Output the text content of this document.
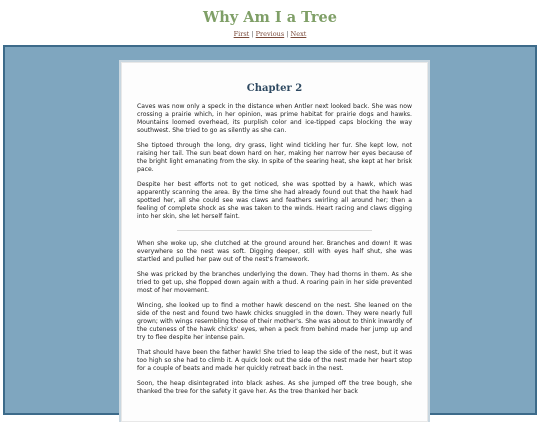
Why Am I a Tree
First | Previous | Next
Chapter 2

Caves was now only a speck in the distance when Antler next looked back. She was now crossing a prairie which, in her opinion, was prime habitat for prairie dogs and hawks. Mountains loomed overhead, its purplish color and ice-tipped caps blocking the way southwest. She tried to go as silently as she can.

She tiptoed through the long, dry grass, light wind tickling her fur. She kept low, not raising her tail. The sun beat down hard on her, making her narrow her eyes because of the bright light emanating from the sky. In spite of the searing heat, she kept at her brisk pace.

Despite her best efforts not to get noticed, she was spotted by a hawk, which was apparently scanning the area. By the time she had already found out that the hawk had spotted her, all she could see was claws and feathers swirling all around her; then a feeling of complete shock as she was taken to the winds. Heart racing and claws digging into her skin, she let herself faint.

When she woke up, she clutched at the ground around her. Branches and down! It was everywhere so the nest was soft. Digging deeper, still with eyes half shut, she was startled and pulled her paw out of the nest's framework.

She was pricked by the branches underlying the down. They had thorns in them. As she tried to get up, she flopped down again with a thud. A roaring pain in her side prevented most of her movement.

Wincing, she looked up to find a mother hawk descend on the nest. She leaned on the side of the nest and found two hawk chicks snuggled in the down. They were nearly full grown; with wings resembling those of their mother's. She was about to think inwardly of the cuteness of the hawk chicks' eyes, when a peck from behind made her jump up and try to flee despite her intense pain.

That should have been the father hawk! She tried to leap the side of the nest, but it was too high so she had to climb it. A quick look out the side of the nest made her heart stop for a couple of beats and made her quickly retreat back in the nest.

Soon, the heap disintegrated into black ashes. As she jumped off the tree bough, she thanked the tree for the safety it gave her. As the tree thanked her back
